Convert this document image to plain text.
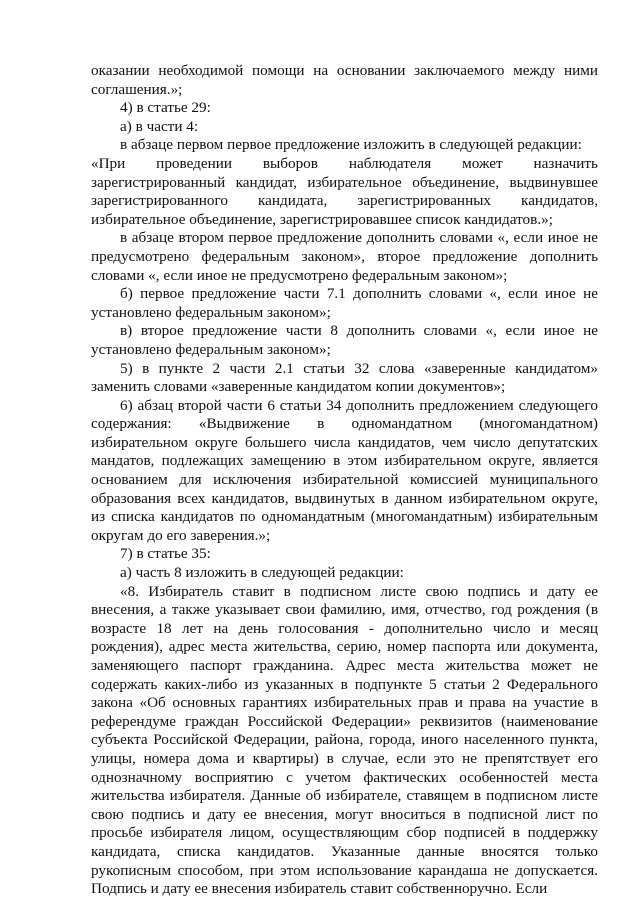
оказании необходимой помощи на основании заключаемого между ними соглашения.»;

4) в статье 29:

а) в части 4:

в абзаце первом первое предложение изложить в следующей редакции:

«При проведении выборов наблюдателя может назначить зарегистрированный кандидат, избирательное объединение, выдвинувшее зарегистрированного кандидата, зарегистрированных кандидатов, избирательное объединение, зарегистрировавшее список кандидатов.»;

в абзаце втором первое предложение дополнить словами «, если иное не предусмотрено федеральным законом», второе предложение дополнить словами «, если иное не предусмотрено федеральным законом»;

б) первое предложение части 7.1 дополнить словами «, если иное не установлено федеральным законом»;

в) второе предложение части 8 дополнить словами «, если иное не установлено федеральным законом»;

5) в пункте 2 части 2.1 статьи 32 слова «заверенные кандидатом» заменить словами «заверенные кандидатом копии документов»;

6) абзац второй части 6 статьи 34 дополнить предложением следующего содержания: «Выдвижение в одномандатном (многомандатном) избирательном округе большего числа кандидатов, чем число депутатских мандатов, подлежащих замещению в этом избирательном округе, является основанием для исключения избирательной комиссией муниципального образования всех кандидатов, выдвинутых в данном избирательном округе, из списка кандидатов по одномандатным (многомандатным) избирательным округам до его заверения.»;

7) в статье 35:

а) часть 8 изложить в следующей редакции:

«8. Избиратель ставит в подписном листе свою подпись и дату ее внесения, а также указывает свои фамилию, имя, отчество, год рождения (в возрасте 18 лет на день голосования - дополнительно число и месяц рождения), адрес места жительства, серию, номер паспорта или документа, заменяющего паспорт гражданина. Адрес места жительства может не содержать каких-либо из указанных в подпункте 5 статьи 2 Федерального закона «Об основных гарантиях избирательных прав и права на участие в референдуме граждан Российской Федерации» реквизитов (наименование субъекта Российской Федерации, района, города, иного населенного пункта, улицы, номера дома и квартиры) в случае, если это не препятствует его однозначному восприятию с учетом фактических особенностей места жительства избирателя. Данные об избирателе, ставящем в подписном листе свою подпись и дату ее внесения, могут вноситься в подписной лист по просьбе избирателя лицом, осуществляющим сбор подписей в поддержку кандидата, списка кандидатов. Указанные данные вносятся только рукописным способом, при этом использование карандаша не допускается. Подпись и дату ее внесения избиратель ставит собственноручно. Если
